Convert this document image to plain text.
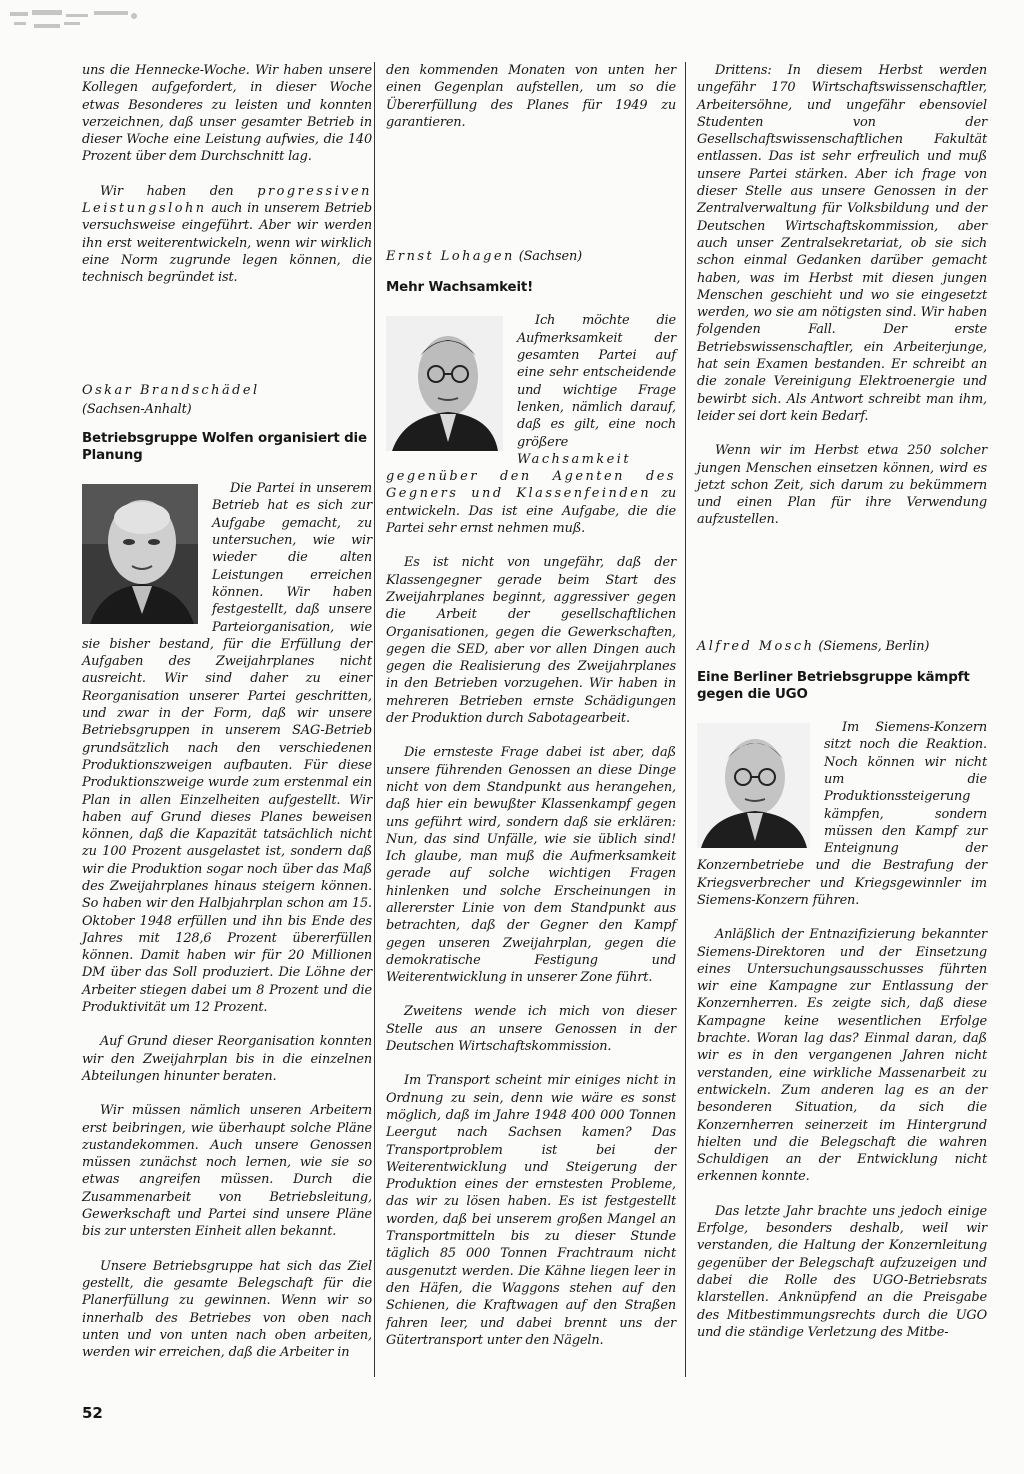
uns die Hennecke-Woche. Wir haben unsere Kollegen aufgefordert, in dieser Woche etwas Besonderes zu leisten und konnten verzeichnen, daß unser gesamter Betrieb in dieser Woche eine Leistung aufwies, die 140 Prozent über dem Durchschnitt lag.

Wir haben den progressiven Leistungslohn auch in unserem Betrieb versuchsweise eingeführt. Aber wir werden ihn erst weiterentwickeln, wenn wir wirklich eine Norm zugrunde legen können, die technisch begründet ist.

Oskar Brandschädel

(Sachsen-Anhalt)

Betriebsgruppe Wolfen organisiert die Planung

Die Partei in unserem Betrieb hat es sich zur Aufgabe gemacht, zu untersuchen, wie wir wieder die alten Leistungen erreichen können. Wir haben festgestellt, daß unsere Parteiorganisation, wie sie bisher bestand, für die Erfüllung der Aufgaben des Zweijahrplanes nicht ausreicht. Wir sind daher zu einer Reorganisation unserer Partei geschritten, und zwar in der Form, daß wir unsere Betriebsgruppen in unserem SAG-Betrieb grundsätzlich nach den verschiedenen Produktionszweigen aufbauten. Für diese Produktionszweige wurde zum erstenmal ein Plan in allen Einzelheiten aufgestellt. Wir haben auf Grund dieses Planes beweisen können, daß die Kapazität tatsächlich nicht zu 100 Prozent ausgelastet ist, sondern daß wir die Produktion sogar noch über das Maß des Zweijahrplanes hinaus steigern können. So haben wir den Halbjahrplan schon am 15. Oktober 1948 erfüllen und ihn bis Ende des Jahres mit 128,6 Prozent übererfüllen können. Damit haben wir für 20 Millionen DM über das Soll produziert. Die Löhne der Arbeiter stiegen dabei um 8 Prozent und die Produktivität um 12 Prozent.

Auf Grund dieser Reorganisation konnten wir den Zweijahrplan bis in die einzelnen Abteilungen hinunter beraten.

Wir müssen nämlich unseren Arbeitern erst beibringen, wie überhaupt solche Pläne zustandekommen. Auch unsere Genossen müssen zunächst noch lernen, wie sie so etwas angreifen müssen. Durch die Zusammenarbeit von Betriebsleitung, Gewerkschaft und Partei sind unsere Pläne bis zur untersten Einheit allen bekannt.

Unsere Betriebsgruppe hat sich das Ziel gestellt, die gesamte Belegschaft für die Planerfüllung zu gewinnen. Wenn wir so innerhalb des Betriebes von oben nach unten und von unten nach oben arbeiten, werden wir erreichen, daß die Arbeiter in

den kommenden Monaten von unten her einen Gegenplan aufstellen, um so die Übererfüllung des Planes für 1949 zu garantieren.

Ernst Lohagen (Sachsen)

Mehr Wachsamkeit!

Ich möchte die Aufmerksamkeit der gesamten Partei auf eine sehr entscheidende und wichtige Frage lenken, nämlich darauf, daß es gilt, eine noch größere Wachsamkeit gegenüber den Agenten des Gegners und Klassenfeinden zu entwickeln. Das ist eine Aufgabe, die die Partei sehr ernst nehmen muß.

Es ist nicht von ungefähr, daß der Klassengegner gerade beim Start des Zweijahrplanes beginnt, aggressiver gegen die Arbeit der gesellschaftlichen Organisationen, gegen die Gewerkschaften, gegen die SED, aber vor allen Dingen auch gegen die Realisierung des Zweijahrplanes in den Betrieben vorzugehen. Wir haben in mehreren Betrieben ernste Schädigungen der Produktion durch Sabotagearbeit.

Die ernsteste Frage dabei ist aber, daß unsere führenden Genossen an diese Dinge nicht von dem Standpunkt aus herangehen, daß hier ein bewußter Klassenkampf gegen uns geführt wird, sondern daß sie erklären: Nun, das sind Unfälle, wie sie üblich sind! Ich glaube, man muß die Aufmerksamkeit gerade auf solche wichtigen Fragen hinlenken und solche Erscheinungen in allererster Linie von dem Standpunkt aus betrachten, daß der Gegner den Kampf gegen unseren Zweijahrplan, gegen die demokratische Festigung und Weiterentwicklung in unserer Zone führt.

Zweitens wende ich mich von dieser Stelle aus an unsere Genossen in der Deutschen Wirtschaftskommission.

Im Transport scheint mir einiges nicht in Ordnung zu sein, denn wie wäre es sonst möglich, daß im Jahre 1948 400 000 Tonnen Leergut nach Sachsen kamen? Das Transportproblem ist bei der Weiterentwicklung und Steigerung der Produktion eines der ernstesten Probleme, das wir zu lösen haben. Es ist festgestellt worden, daß bei unserem großen Mangel an Transportmitteln bis zu dieser Stunde täglich 85 000 Tonnen Frachtraum nicht ausgenutzt werden. Die Kähne liegen leer in den Häfen, die Waggons stehen auf den Schienen, die Kraftwagen auf den Straßen fahren leer, und dabei brennt uns der Gütertransport unter den Nägeln.

Drittens: In diesem Herbst werden ungefähr 170 Wirtschaftswissenschaftler, Arbeitersöhne, und ungefähr ebensoviel Studenten von der Gesellschaftswissenschaftlichen Fakultät entlassen. Das ist sehr erfreulich und muß unsere Partei stärken. Aber ich frage von dieser Stelle aus unsere Genossen in der Zentralverwaltung für Volksbildung und der Deutschen Wirtschaftskommission, aber auch unser Zentralsekretariat, ob sie sich schon einmal Gedanken darüber gemacht haben, was im Herbst mit diesen jungen Menschen geschieht und wo sie eingesetzt werden, wo sie am nötigsten sind. Wir haben folgenden Fall. Der erste Betriebswissenschaftler, ein Arbeiterjunge, hat sein Examen bestanden. Er schreibt an die zonale Vereinigung Elektroenergie und bewirbt sich. Als Antwort schreibt man ihm, leider sei dort kein Bedarf.

Wenn wir im Herbst etwa 250 solcher jungen Menschen einsetzen können, wird es jetzt schon Zeit, sich darum zu bekümmern und einen Plan für ihre Verwendung aufzustellen.

Alfred Mosch (Siemens, Berlin)

Eine Berliner Betriebsgruppe kämpft gegen die UGO

Im Siemens-Konzern sitzt noch die Reaktion. Noch können wir nicht um die Produktionssteigerung kämpfen, sondern müssen den Kampf zur Enteignung der Konzernbetriebe und die Bestrafung der Kriegsverbrecher und Kriegsgewinnler im Siemens-Konzern führen.

Anläßlich der Entnazifizierung bekannter Siemens-Direktoren und der Einsetzung eines Untersuchungsausschusses führten wir eine Kampagne zur Entlassung der Konzernherren. Es zeigte sich, daß diese Kampagne keine wesentlichen Erfolge brachte. Woran lag das? Einmal daran, daß wir es in den vergangenen Jahren nicht verstanden, eine wirkliche Massenarbeit zu entwickeln. Zum anderen lag es an der besonderen Situation, da sich die Konzernherren seinerzeit im Hintergrund hielten und die Belegschaft die wahren Schuldigen an der Entwicklung nicht erkennen konnte.

Das letzte Jahr brachte uns jedoch einige Erfolge, besonders deshalb, weil wir verstanden, die Haltung der Konzernleitung gegenüber der Belegschaft aufzuzeigen und dabei die Rolle des UGO-Betriebsrats klarstellen. Anknüpfend an die Preisgabe des Mitbestimmungsrechts durch die UGO und die ständige Verletzung des Mitbe-

52
